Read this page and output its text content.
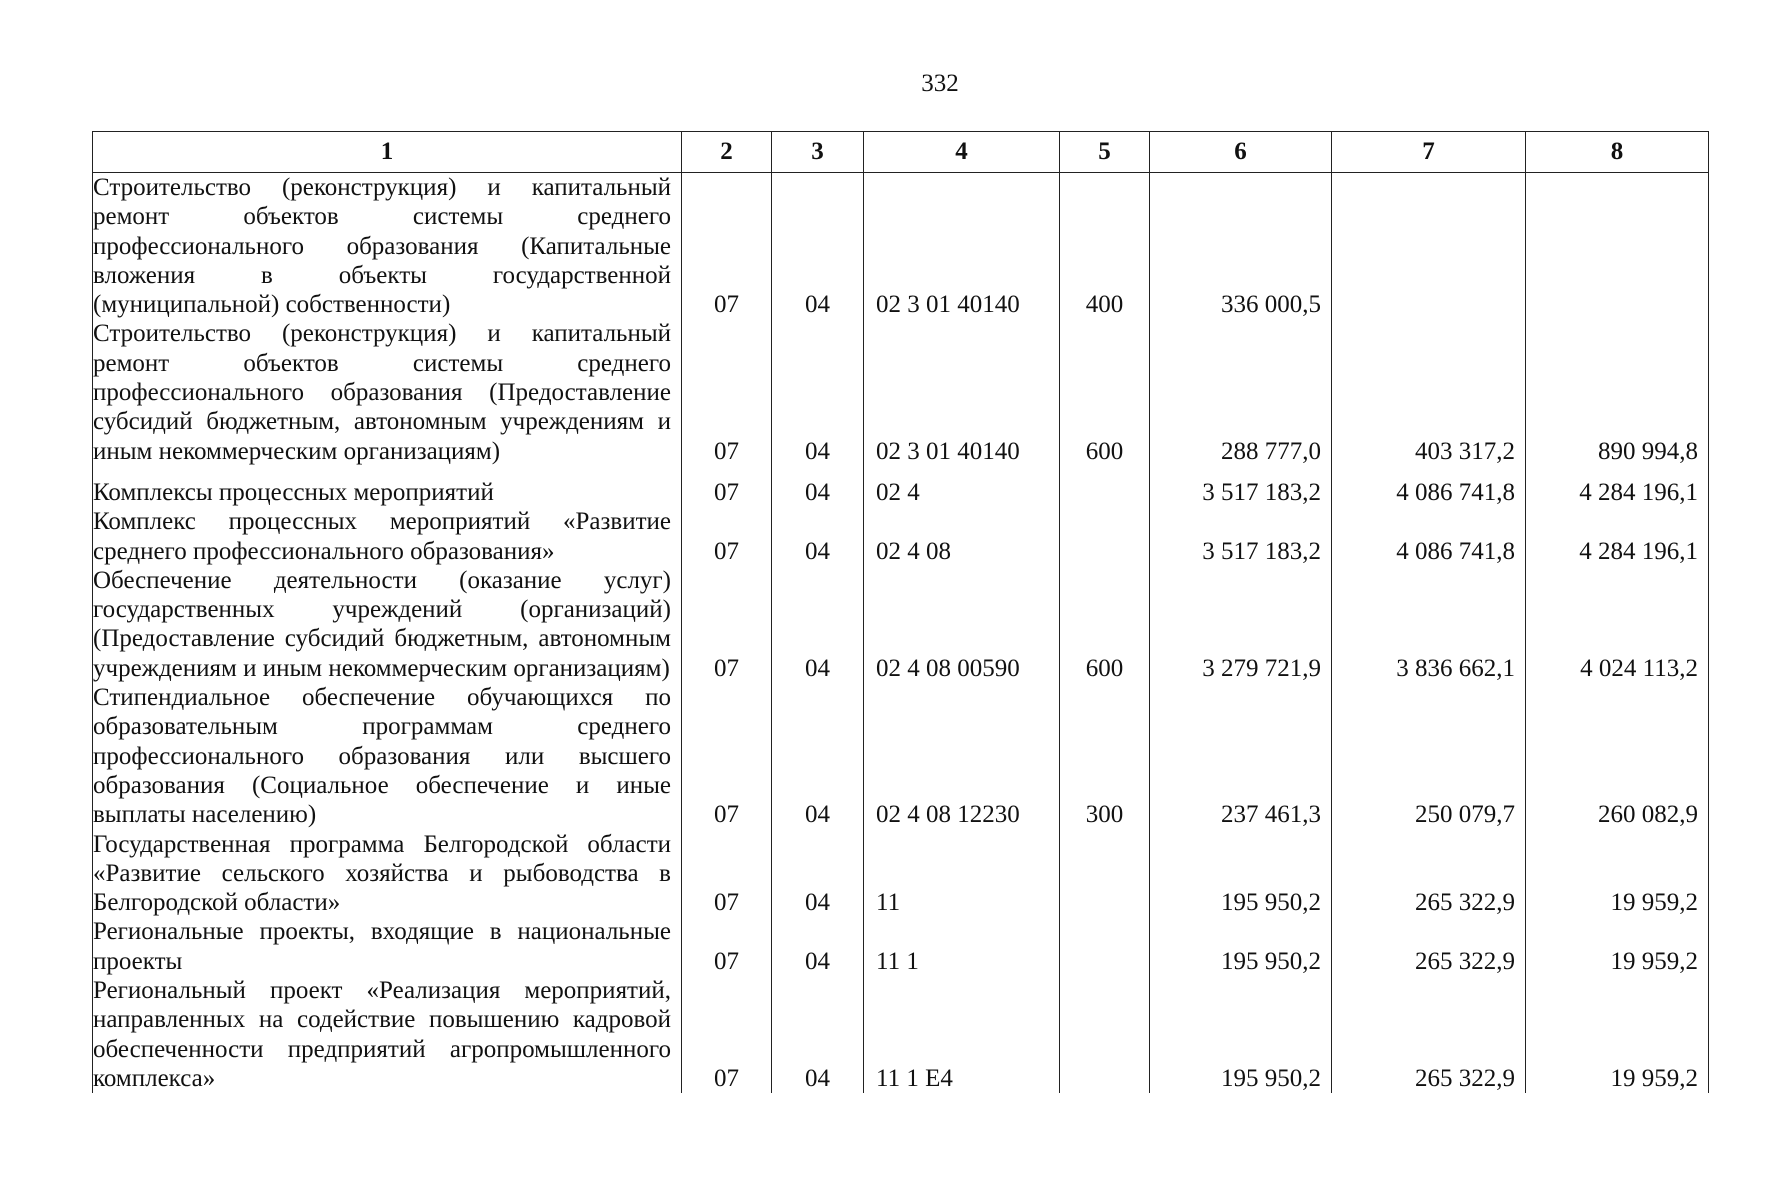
332
1	2	3	4	5	6	7	8
Строительство (реконструкция) и капитальный ремонт объектов системы среднего профессионального образования (Капитальные вложения в объекты государственной (муниципальной) собственности)	07	04	02 3 01 40140	400	336 000,5		
Строительство (реконструкция) и капитальный ремонт объектов системы среднего профессионального образования (Предоставление субсидий бюджетным, автономным учреждениям и иным некоммерческим организациям)	07	04	02 3 01 40140	600	288 777,0	403 317,2	890 994,8
Комплексы процессных мероприятий	07	04	02 4		3 517 183,2	4 086 741,8	4 284 196,1
Комплекс процессных мероприятий «Развитие среднего профессионального образования»	07	04	02 4 08		3 517 183,2	4 086 741,8	4 284 196,1
Обеспечение деятельности (оказание услуг) государственных учреждений (организаций) (Предоставление субсидий бюджетным, автономным учреждениям и иным некоммерческим организациям)	07	04	02 4 08 00590	600	3 279 721,9	3 836 662,1	4 024 113,2
Стипендиальное обеспечение обучающихся по образовательным программам среднего профессионального образования или высшего образования (Социальное обеспечение и иные выплаты населению)	07	04	02 4 08 12230	300	237 461,3	250 079,7	260 082,9
Государственная программа Белгородской области «Развитие сельского хозяйства и рыбоводства в Белгородской области»	07	04	11		195 950,2	265 322,9	19 959,2
Региональные проекты, входящие в национальные проекты	07	04	11 1		195 950,2	265 322,9	19 959,2
Региональный проект «Реализация мероприятий, направленных на содействие повышению кадровой обеспеченности предприятий агропромышленного комплекса»	07	04	11 1 E4		195 950,2	265 322,9	19 959,2
